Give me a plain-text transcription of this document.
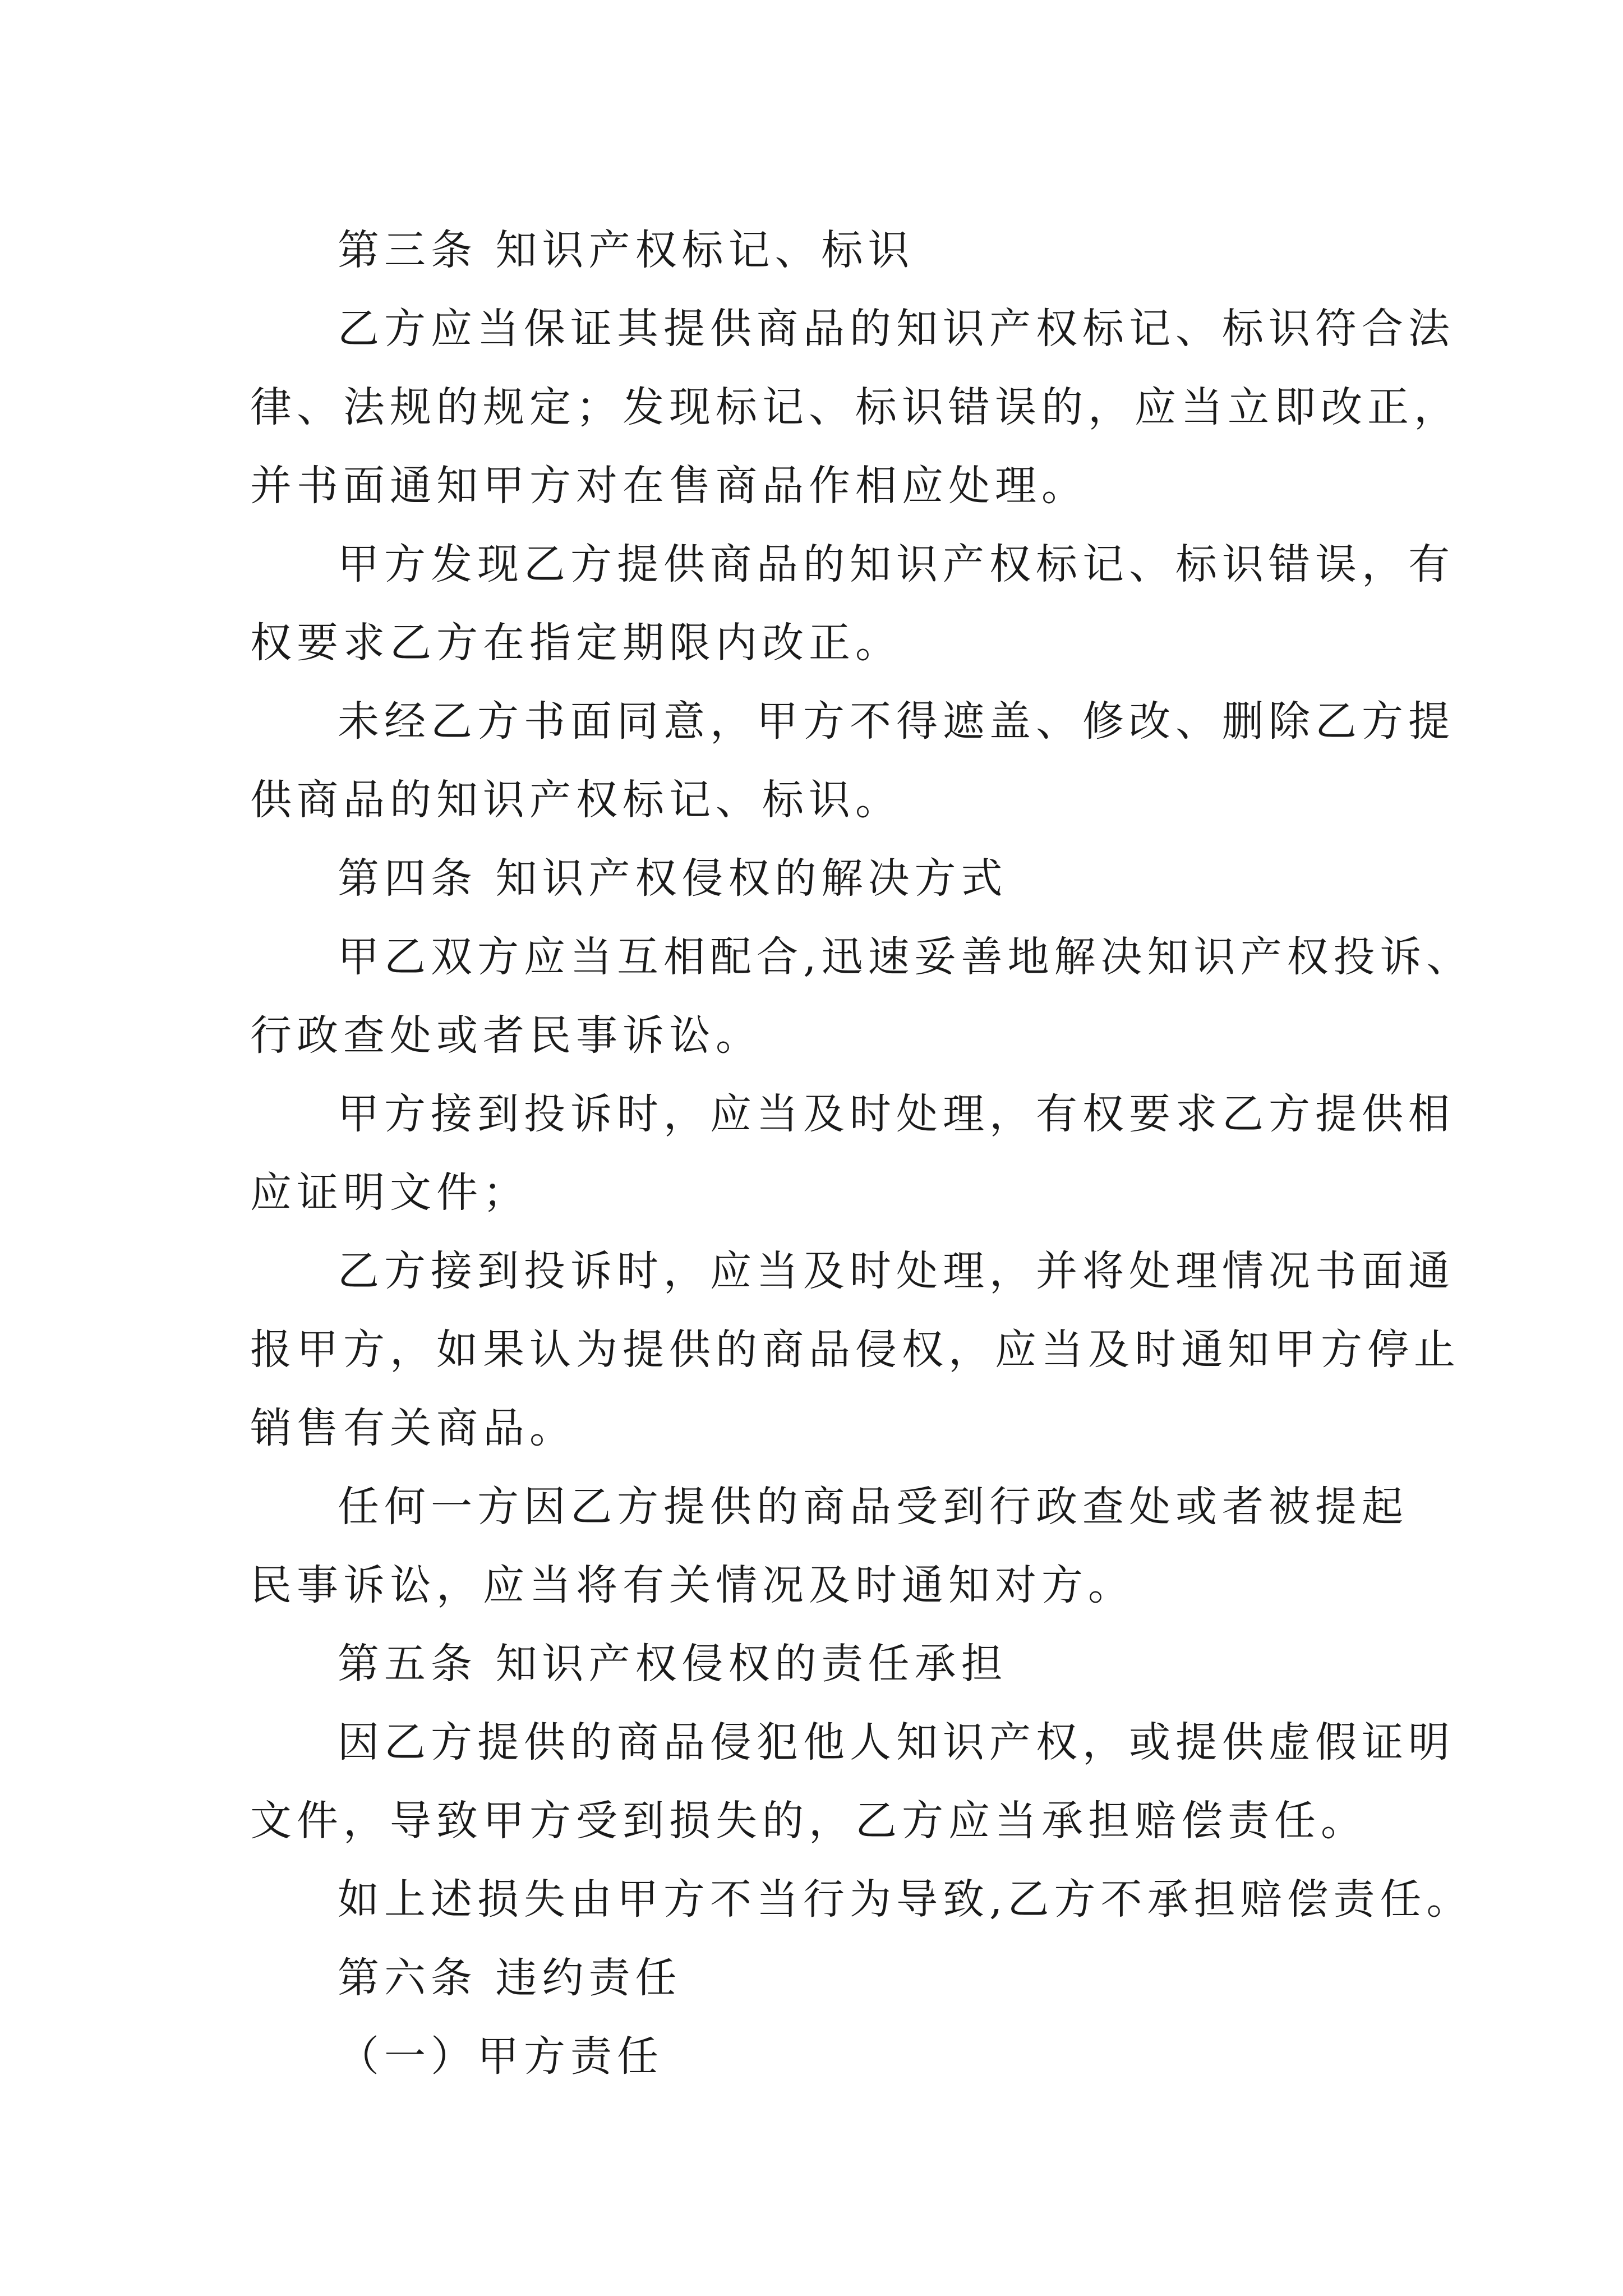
第三条 知识产权标记、标识
乙方应当保证其提供商品的知识产权标记、标识符合法
律、法规的规定；发现标记、标识错误的，应当立即改正，
并书面通知甲方对在售商品作相应处理。
甲方发现乙方提供商品的知识产权标记、标识错误，有
权要求乙方在指定期限内改正。
未经乙方书面同意，甲方不得遮盖、修改、删除乙方提
供商品的知识产权标记、标识。
第四条 知识产权侵权的解决方式
甲乙双方应当互相配合,迅速妥善地解决知识产权投诉、
行政查处或者民事诉讼。
甲方接到投诉时，应当及时处理，有权要求乙方提供相
应证明文件；
乙方接到投诉时，应当及时处理，并将处理情况书面通
报甲方，如果认为提供的商品侵权，应当及时通知甲方停止
销售有关商品。
任何一方因乙方提供的商品受到行政查处或者被提起
民事诉讼，应当将有关情况及时通知对方。
第五条 知识产权侵权的责任承担
因乙方提供的商品侵犯他人知识产权，或提供虚假证明
文件，导致甲方受到损失的，乙方应当承担赔偿责任。
如上述损失由甲方不当行为导致,乙方不承担赔偿责任。
第六条 违约责任
（一）甲方责任
